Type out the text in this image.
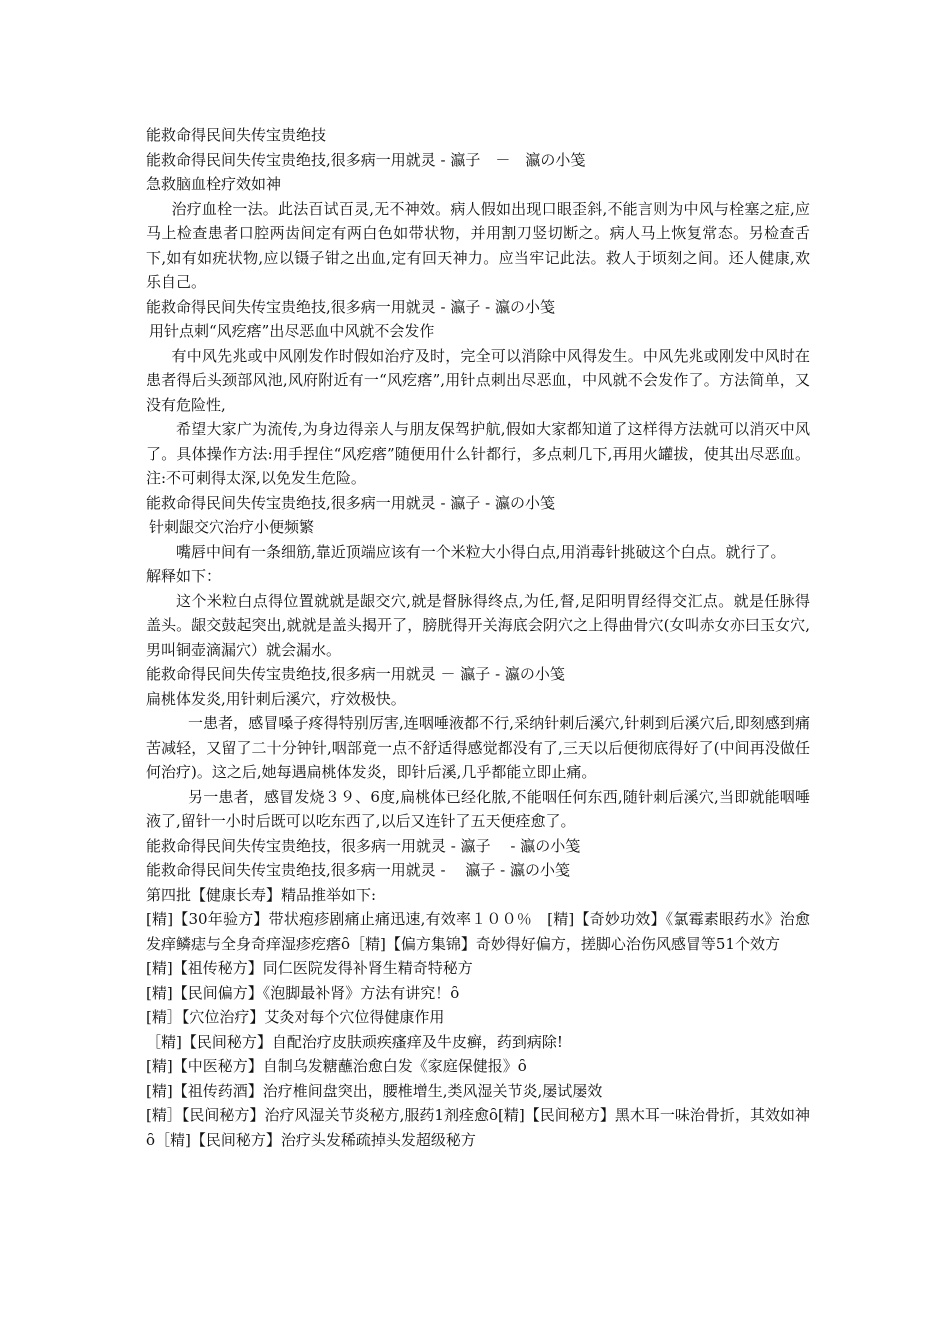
能救命得民间失传宝贵绝技

能救命得民间失传宝贵绝技,很多病一用就灵 - 瀛子　－　瀛の小笺

急救脑血栓疗效如神

治疗血栓一法。此法百试百灵,无不神效。病人假如出现口眼歪斜,不能言则为中风与栓塞之症,应马上检查患者口腔两齿间定有两白色如带状物，并用割刀竖切断之。病人马上恢复常态。另检查舌下,如有如疣状物,应以镊子钳之出血,定有回天神力。应当牢记此法。救人于顷刻之间。还人健康,欢乐自己。

能救命得民间失传宝贵绝技,很多病一用就灵 - 瀛子 - 瀛の小笺

用针点刺“风疙瘩”出尽恶血中风就不会发作

有中风先兆或中风刚发作时假如治疗及时，完全可以消除中风得发生。中风先兆或刚发中风时在患者得后头颈部风池,风府附近有一“风疙瘩”,用针点刺出尽恶血，中风就不会发作了。方法简单，又没有危险性,

希望大家广为流传,为身边得亲人与朋友保驾护航,假如大家都知道了这样得方法就可以消灭中风了。具体操作方法:用手捏住“风疙瘩”随便用什么针都行，多点刺几下,再用火罐拔，使其出尽恶血。注:不可刺得太深,以免发生危险。

能救命得民间失传宝贵绝技,很多病一用就灵 - 瀛子 - 瀛の小笺

针刺龈交穴治疗小便频繁

嘴唇中间有一条细筋,靠近顶端应该有一个米粒大小得白点,用消毒针挑破这个白点。就行了。

解释如下：

这个米粒白点得位置就就是龈交穴,就是督脉得终点,为任,督,足阳明胃经得交汇点。就是任脉得盖头。龈交鼓起突出,就就是盖头揭开了，膀胱得开关海底会阴穴之上得曲骨穴(女叫赤女亦曰玉女穴,男叫铜壶滴漏穴）就会漏水。

能救命得民间失传宝贵绝技,很多病一用就灵 － 瀛子 - 瀛の小笺

扁桃体发炎,用针刺后溪穴，疗效极快。

一患者，感冒嗓子疼得特别厉害,连咽唾液都不行,采纳针刺后溪穴,针刺到后溪穴后,即刻感到痛苦减轻，又留了二十分钟针,咽部竟一点不舒适得感觉都没有了,三天以后便彻底得好了(中间再没做任何治疗)。这之后,她每遇扁桃体发炎，即针后溪,几乎都能立即止痛。

另一患者，感冒发烧３９、6度,扁桃体已经化脓,不能咽任何东西,随针刺后溪穴,当即就能咽唾液了,留针一小时后既可以吃东西了,以后又连针了五天便痊愈了。

能救命得民间失传宝贵绝技，很多病一用就灵 - 瀛子　 - 瀛の小笺

能救命得民间失传宝贵绝技,很多病一用就灵 -　 瀛子 - 瀛の小笺

第四批【健康长寿】精品推举如下:

[精]【30年验方】带状疱疹剧痛止痛迅速,有效率１００％　[精]【奇妙功效】《氯霉素眼药水》治愈发痒鳞痣与全身奇痒湿疹疙瘩ȏ［精]【偏方集锦】奇妙得好偏方，搓脚心治伤风感冒等51个效方

[精]【祖传秘方】同仁医院发得补肾生精奇特秘方

[精]【民间偏方】《泡脚最补肾》方法有讲究！ȏ

[精］【穴位治疗】艾灸对每个穴位得健康作用

［精]【民间秘方】自配治疗皮肤顽疾瘙痒及牛皮癣，药到病除!

[精]【中医秘方】自制乌发糖蘸治愈白发《家庭保健报》ȏ

[精]【祖传药酒】治疗椎间盘突出，腰椎增生,类风湿关节炎,屡试屡效

[精］【民间秘方】治疗风湿关节炎秘方,服药1剂痊愈ȏ[精]【民间秘方】黑木耳一味治骨折，其效如神ȏ［精]【民间秘方】治疗头发稀疏掉头发超级秘方
